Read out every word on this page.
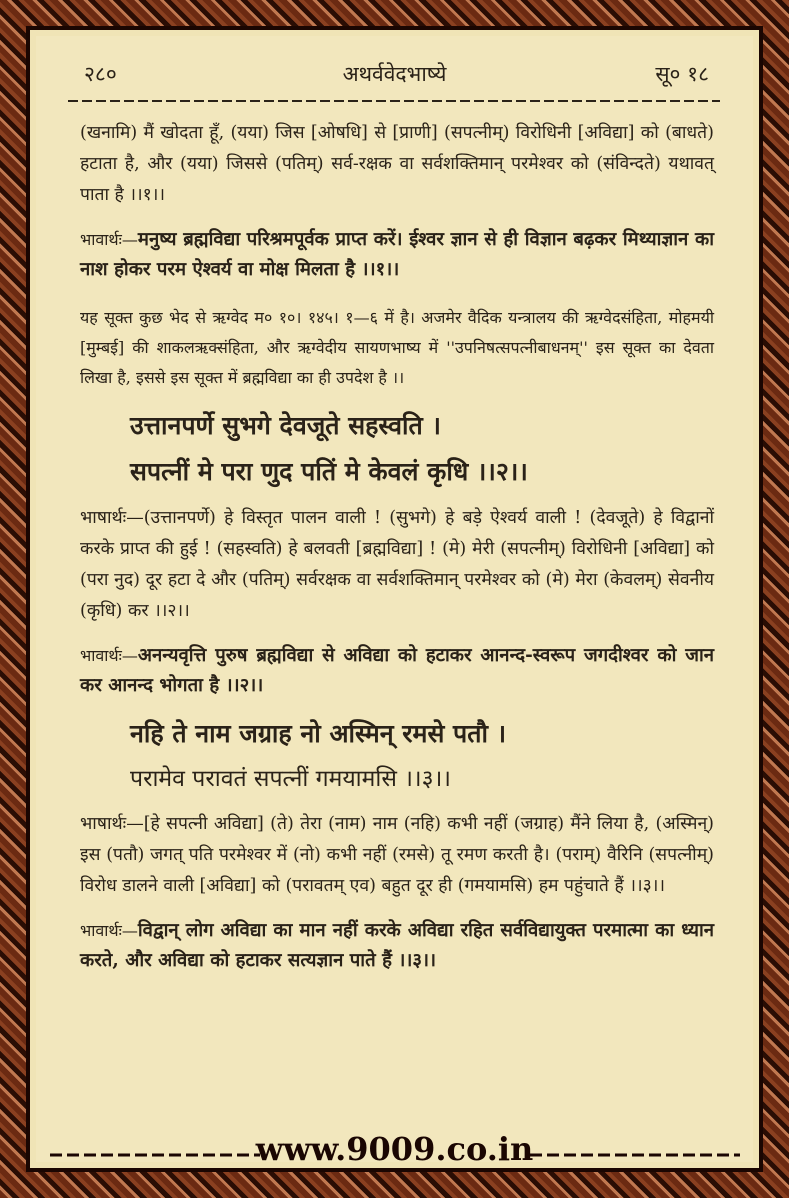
२८०	अथर्ववेदभाष्ये	सू० १८

(खनामि) मैं खोदता हूँ, (यया) जिस [ओषधि] से [प्राणी] (सपत्नीम्) विरोधिनी [अविद्या] को (बाधते) हटाता है, और (यया) जिससे (पतिम्) सर्व-रक्षक वा सर्वशक्तिमान् परमेश्वर को (संविन्दते) यथावत् पाता है ।।१।।

भावार्थः—मनुष्य ब्रह्मविद्या परिश्रमपूर्वक प्राप्त करें। ईश्वर ज्ञान से ही विज्ञान बढ़कर मिथ्याज्ञान का नाश होकर परम ऐश्वर्य वा मोक्ष मिलता है ।।१।।

यह सूक्त कुछ भेद से ऋग्वेद म० १०। १४५। १—६ में है। अजमेर वैदिक यन्त्रालय की ऋग्वेदसंहिता, मोहमयी [मुम्बई] की शाकलऋक्संहिता, और ऋग्वेदीय सायणभाष्य में ''उपनिषत्सपत्नीबाधनम्'' इस सूक्त का देवता लिखा है, इससे इस सूक्त में ब्रह्मविद्या का ही उपदेश है ।।

उत्तानपर्णे सुभगे देवजूते सहस्वति ।
सपत्नीं मे परा णुद पतिं मे केवलं कृधि ।।२।।

भाषार्थः—(उत्तानपर्णे) हे विस्तृत पालन वाली ! (सुभगे) हे बड़े ऐश्वर्य वाली ! (देवजूते) हे विद्वानों करके प्राप्त की हुई ! (सहस्वति) हे बलवती [ब्रह्मविद्या] ! (मे) मेरी (सपत्नीम्) विरोधिनी [अविद्या] को (परा नुद) दूर हटा दे और (पतिम्) सर्वरक्षक वा सर्वशक्तिमान् परमेश्वर को (मे) मेरा (केवलम्) सेवनीय (कृधि) कर ।।२।।

भावार्थः—अनन्यवृत्ति पुरुष ब्रह्मविद्या से अविद्या को हटाकर आनन्द-स्वरूप जगदीश्वर को जान कर आनन्द भोगता है ।।२।।

नहि ते नाम जग्राह नो अस्मिन् रमसे पतौ ।
परामेव परावतं सपत्नीं गमयामसि ।।३।।

भाषार्थः—[हे सपत्नी अविद्या] (ते) तेरा (नाम) नाम (नहि) कभी नहीं (जग्राह) मैंने लिया है, (अस्मिन्) इस (पतौ) जगत् पति परमेश्वर में (नो) कभी नहीं (रमसे) तू रमण करती है। (पराम्) वैरिनि (सपत्नीम्) विरोध डालने वाली [अविद्या] को (परावतम् एव) बहुत दूर ही (गमयामसि) हम पहुंचाते हैं ।।३।।

भावार्थः—विद्वान् लोग अविद्या का मान नहीं करके अविद्या रहित सर्वविद्यायुक्त परमात्मा का ध्यान करते, और अविद्या को हटाकर सत्यज्ञान पाते हैं ।।३।।

www.9009.co.in
